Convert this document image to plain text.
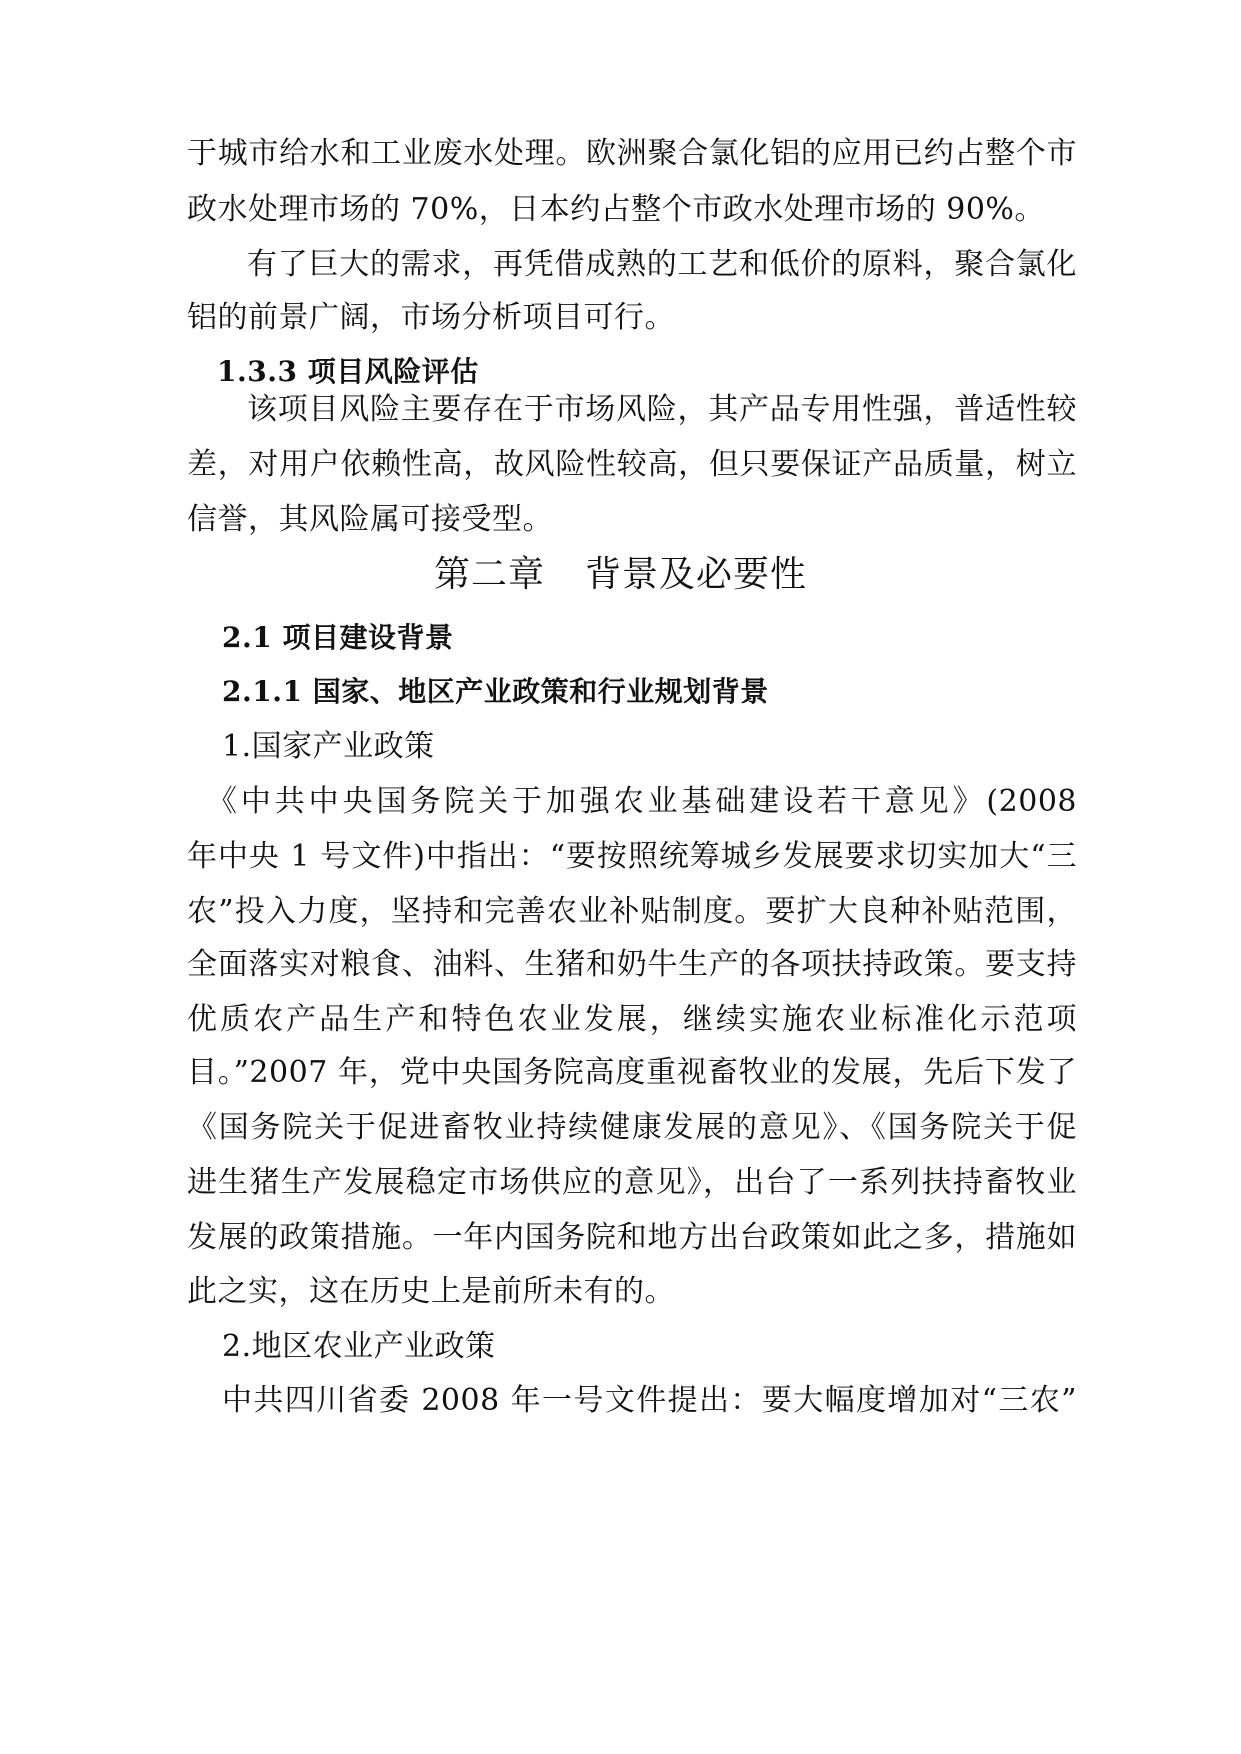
于城市给水和工业废水处理。欧洲聚合氯化铝的应用已约占整个市
政水处理市场的 70%，日本约占整个市政水处理市场的 90%。
有了巨大的需求，再凭借成熟的工艺和低价的原料，聚合氯化
铝的前景广阔，市场分析项目可行。
1.3.3 项目风险评估
该项目风险主要存在于市场风险，其产品专用性强，普适性较
差，对用户依赖性高，故风险性较高，但只要保证产品质量，树立
信誉，其风险属可接受型。
第二章 背景及必要性
2.1 项目建设背景
2.1.1 国家、地区产业政策和行业规划背景
1.国家产业政策
《中共中央国务院关于加强农业基础建设若干意见》(2008
年中央 1 号文件)中指出：“要按照统筹城乡发展要求切实加大“三
农”投入力度，坚持和完善农业补贴制度。要扩大良种补贴范围，
全面落实对粮食、油料、生猪和奶牛生产的各项扶持政策。要支持
优质农产品生产和特色农业发展，继续实施农业标准化示范项
目。”2007 年，党中央国务院高度重视畜牧业的发展，先后下发了
《国务院关于促进畜牧业持续健康发展的意见》、《国务院关于促
进生猪生产发展稳定市场供应的意见》，出台了一系列扶持畜牧业
发展的政策措施。一年内国务院和地方出台政策如此之多，措施如
此之实，这在历史上是前所未有的。
2.地区农业产业政策
中共四川省委 2008 年一号文件提出：要大幅度增加对“三农”
